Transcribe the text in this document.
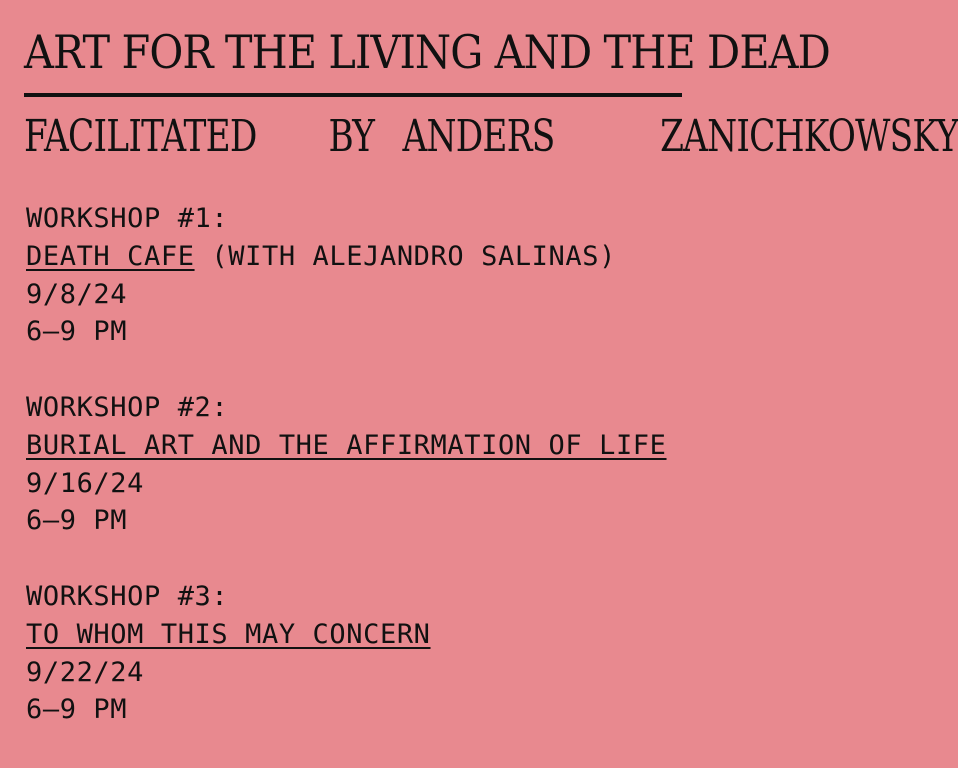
ART FOR THE LIVING AND THE DEAD
FACILITATED BY ANDERS ZANICHKOWSKY
WORKSHOP #1:
DEATH CAFE (WITH ALEJANDRO SALINAS)
9/8/24
6–9 PM
WORKSHOP #2:
BURIAL ART AND THE AFFIRMATION OF LIFE
9/16/24
6–9 PM
WORKSHOP #3:
TO WHOM THIS MAY CONCERN
9/22/24
6–9 PM
